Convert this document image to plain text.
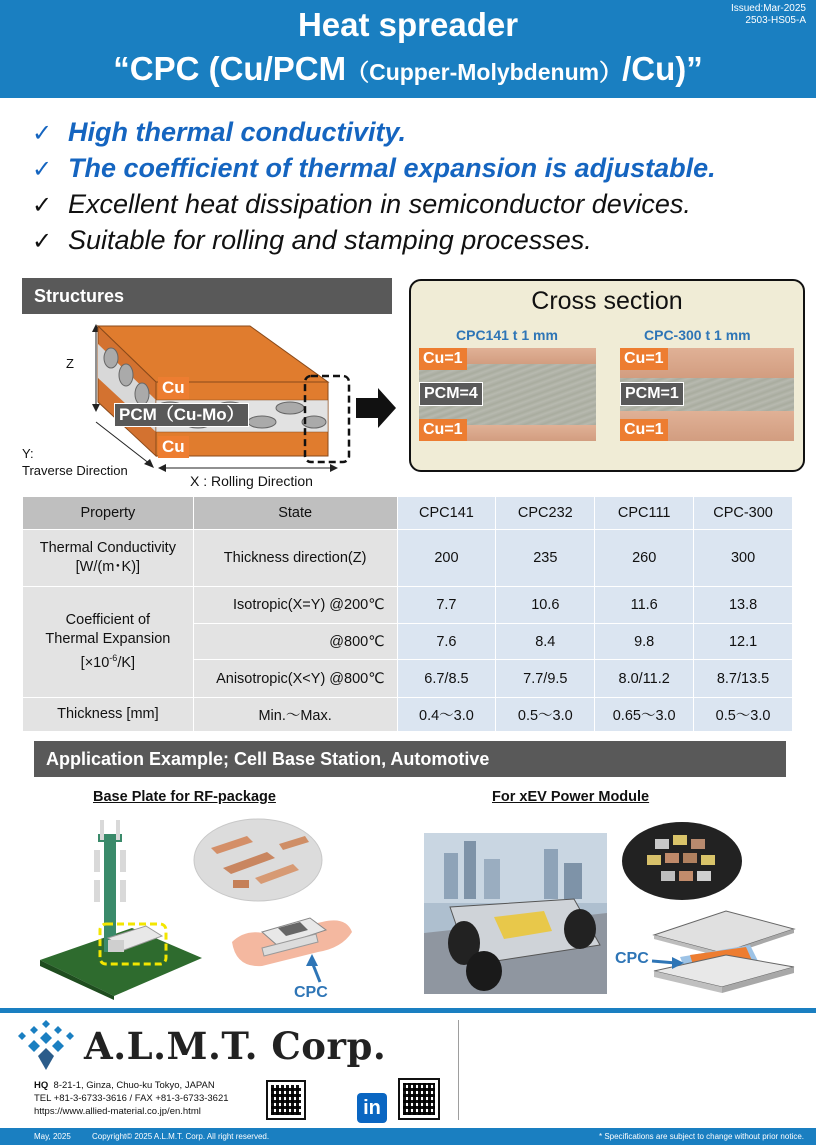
Issued:Mar-2025
2503-HS05-A
Heat spreader
“CPC (Cu/PCM（Cupper-Molybdenum）/Cu)”
✓ High thermal conductivity.
✓ The coefficient of thermal expansion is adjustable.
✓ Excellent heat dissipation in semiconductor devices.
✓ Suitable for rolling and stamping processes.
Structures
Z
Y:
Traverse Direction
X : Rolling Direction
Cu
PCM（Cu-Mo）
Cu
Cross section
CPC141 t 1 mm	CPC-300 t 1 mm
Cu=1
PCM=4
Cu=1
Cu=1
PCM=1
Cu=1
Property	State	CPC141	CPC232	CPC111	CPC-300

Thermal Conductivity
[W/(m･K)]	Thickness direction(Z)	200	235	260	300

Coefficient of
Thermal Expansion
$[\times 10^{-6}/K]$	Isotropic(X=Y) @200℃	7.7	10.6	11.6	13.8
	@800℃	7.6	8.4	9.8	12.1
	Anisotropic(X<Y) @800℃	6.7/8.5	7.7/9.5	8.0/11.2	8.7/13.5
Thickness [mm]	Min.～Max.	0.4～3.0	0.5～3.0	0.65～3.0	0.5～3.0
Application Example; Cell Base Station, Automotive
Base Plate for RF-package	For xEV Power Module
CPC
CPC
A.L.M.T. Corp.
HQ 8-21-1, Ginza, Chuo-ku Tokyo, JAPAN
TEL +81-3-6733-3616 / FAX +81-3-6733-3621
https://www.allied-material.co.jp/en.html	in
May, 2025	Copyright© 2025 A.L.M.T. Corp. All right reserved.	* Specifications are subject to change without prior notice.
